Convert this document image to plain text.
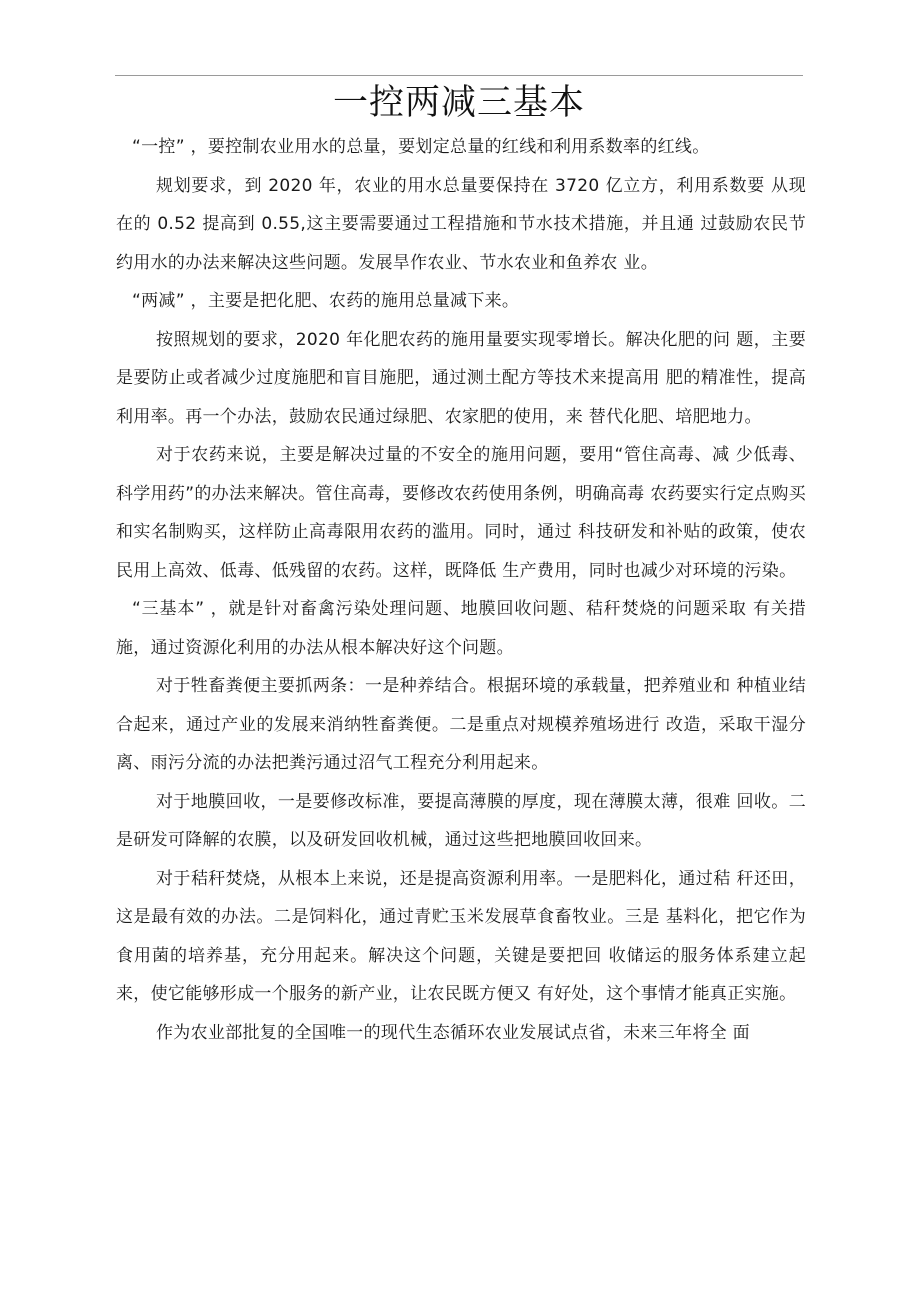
一控两减三基本

“一控” ，要控制农业用水的总量，要划定总量的红线和利用系数率的红线。

规划要求，到 2020 年，农业的用水总量要保持在 3720 亿立方，利用系数要 从现在的 0.52 提高到 0.55,这主要需要通过工程措施和节水技术措施，并且通 过鼓励农民节约用水的办法来解决这些问题。发展旱作农业、节水农业和鱼养农 业。

“两减” ，主要是把化肥、农药的施用总量减下来。

按照规划的要求，2020 年化肥农药的施用量要实现零增长。解决化肥的问 题，主要是要防止或者减少过度施肥和盲目施肥，通过测土配方等技术来提高用 肥的精准性，提高利用率。再一个办法，鼓励农民通过绿肥、农家肥的使用，来 替代化肥、培肥地力。

对于农药来说，主要是解决过量的不安全的施用问题，要用“管住高毒、减 少低毒、科学用药”的办法来解决。管住高毒，要修改农药使用条例，明确高毒 农药要实行定点购买和实名制购买，这样防止高毒限用农药的滥用。同时，通过 科技研发和补贴的政策，使农民用上高效、低毒、低残留的农药。这样，既降低 生产费用，同时也减少对环境的污染。

“三基本” ，就是针对畜禽污染处理问题、地膜回收问题、秸秆焚烧的问题采取 有关措施，通过资源化利用的办法从根本解决好这个问题。

对于牲畜粪便主要抓两条：一是种养结合。根据环境的承载量，把养殖业和 种植业结合起来，通过产业的发展来消纳牲畜粪便。二是重点对规模养殖场进行 改造，采取干湿分离、雨污分流的办法把粪污通过沼气工程充分利用起来。

对于地膜回收，一是要修改标准，要提高薄膜的厚度，现在薄膜太薄，很难 回收。二是研发可降解的农膜，以及研发回收机械，通过这些把地膜回收回来。

对于秸秆焚烧，从根本上来说，还是提高资源利用率。一是肥料化，通过秸 秆还田，这是最有效的办法。二是饲料化，通过青贮玉米发展草食畜牧业。三是 基料化，把它作为食用菌的培养基，充分用起来。解决这个问题，关键是要把回 收储运的服务体系建立起来，使它能够形成一个服务的新产业，让农民既方便又 有好处，这个事情才能真正实施。

作为农业部批复的全国唯一的现代生态循环农业发展试点省，未来三年将全 面
